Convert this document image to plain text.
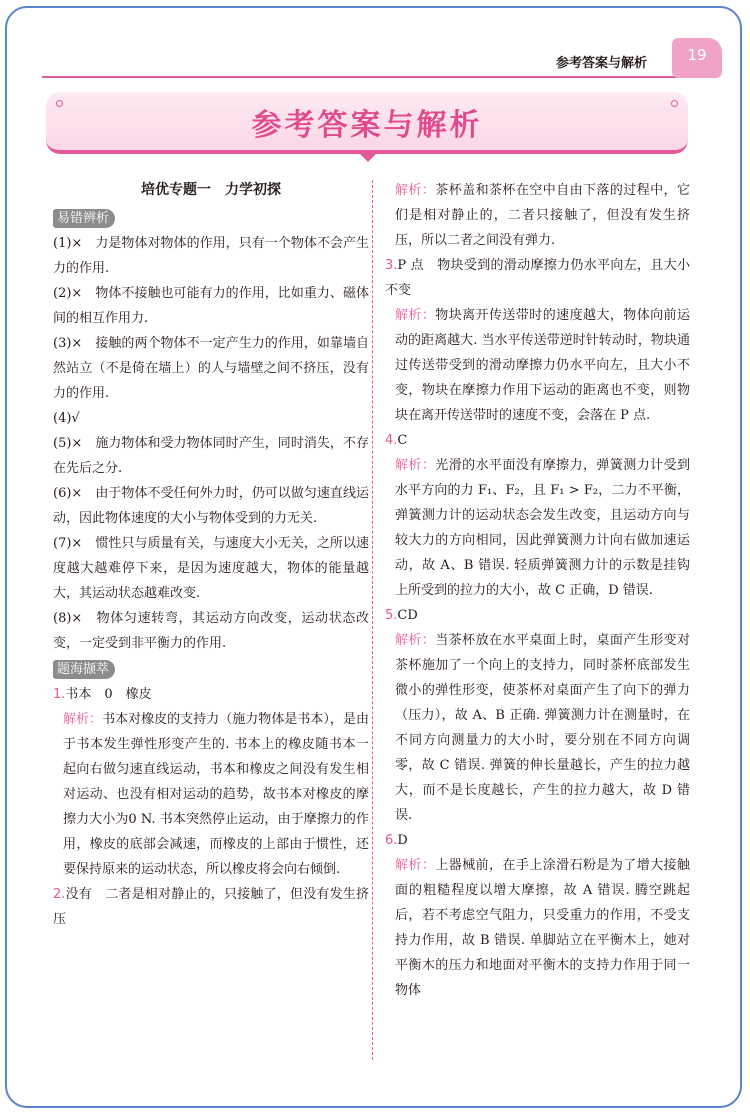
参考答案与解析	19
参考答案与解析
培优专题一　力学初探
易错辨析

(1)×　力是物体对物体的作用，只有一个物体不会产生力的作用.

(2)×　物体不接触也可能有力的作用，比如重力、磁体间的相互作用力.

(3)×　接触的两个物体不一定产生力的作用，如靠墙自然站立（不是倚在墙上）的人与墙壁之间不挤压，没有力的作用.

(4)√

(5)×　施力物体和受力物体同时产生，同时消失，不存在先后之分.

(6)×　由于物体不受任何外力时，仍可以做匀速直线运动，因此物体速度的大小与物体受到的力无关.

(7)×　惯性只与质量有关，与速度大小无关，之所以速度越大越难停下来，是因为速度越大，物体的能量越大，其运动状态越难改变.

(8)×　物体匀速转弯，其运动方向改变，运动状态改变，一定受到非平衡力的作用.

题海撷萃

1.书本　0　橡皮

解析：书本对橡皮的支持力（施力物体是书本），是由于书本发生弹性形变产生的. 书本上的橡皮随书本一起向右做匀速直线运动，书本和橡皮之间没有发生相对运动、也没有相对运动的趋势，故书本对橡皮的摩擦力大小为0 N. 书本突然停止运动，由于摩擦力的作用，橡皮的底部会减速，而橡皮的上部由于惯性，还要保持原来的运动状态，所以橡皮将会向右倾倒.

2.没有　二者是相对静止的，只接触了，但没有发生挤压

解析：茶杯盖和茶杯在空中自由下落的过程中，它们是相对静止的，二者只接触了，但没有发生挤压，所以二者之间没有弹力.

3.P 点　物块受到的滑动摩擦力仍水平向左，且大小不变

解析：物块离开传送带时的速度越大，物体向前运动的距离越大. 当水平传送带逆时针转动时，物块通过传送带受到的滑动摩擦力仍水平向左，且大小不变，物块在摩擦力作用下运动的距离也不变，则物块在离开传送带时的速度不变，会落在 P 点.

4.C

解析：光滑的水平面没有摩擦力，弹簧测力计受到水平方向的力 F₁、F₂，且 F₁ > F₂，二力不平衡，弹簧测力计的运动状态会发生改变，且运动方向与较大力的方向相同，因此弹簧测力计向右做加速运动，故 A、B 错误. 轻质弹簧测力计的示数是挂钩上所受到的拉力的大小，故 C 正确，D 错误.

5.CD

解析：当茶杯放在水平桌面上时，桌面产生形变对茶杯施加了一个向上的支持力，同时茶杯底部发生微小的弹性形变，使茶杯对桌面产生了向下的弹力（压力），故 A、B 正确. 弹簧测力计在测量时，在不同方向测量力的大小时，要分别在不同方向调零，故 C 错误. 弹簧的伸长量越长，产生的拉力越大，而不是长度越长，产生的拉力越大，故 D 错误.

6.D

解析：上器械前，在手上涂滑石粉是为了增大接触面的粗糙程度以增大摩擦，故 A 错误. 腾空跳起后，若不考虑空气阻力，只受重力的作用，不受支持力作用，故 B 错误. 单脚站立在平衡木上，她对平衡木的压力和地面对平衡木的支持力作用于同一物体
